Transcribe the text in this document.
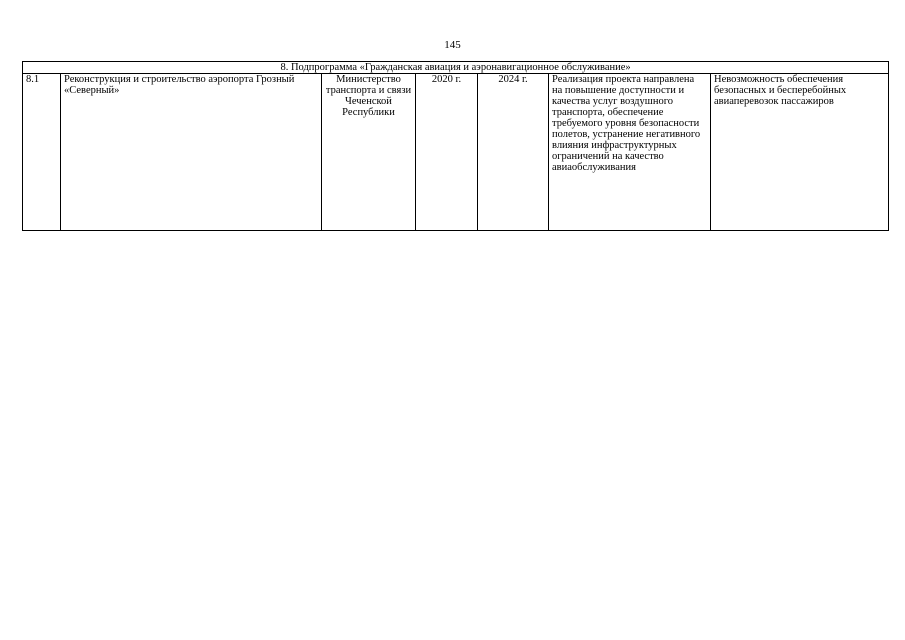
145
8. Подпрограмма «Гражданская авиация и аэронавигационное обслуживание»
8.1	Реконструкция и строительство аэропорта Грозный «Северный»	Министерство транспорта и связи Чеченской Республики	2020 г.	2024 г.	Реализация проекта направлена на повышение доступности и качества услуг воздушного транспорта, обеспечение требуемого уровня безопасности полетов, устранение негативного влияния инфраструктурных ограничений на качество авиаобслуживания	Невозможность обеспечения безопасных и бесперебойных авиаперевозок пассажиров
